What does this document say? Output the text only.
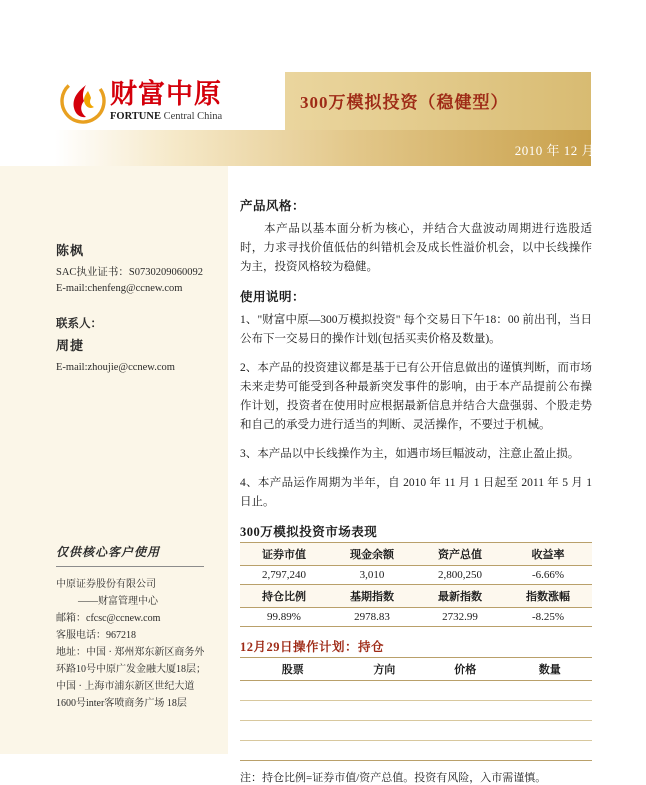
财富中原
FORTUNE Central China
300万模拟投资（稳健型）
2010 年 12 月 28 日
陈枫
SAC执业证书：S0730209060092
E-mail:chenfeng@ccnew.com
联系人：
周捷
E-mail:zhoujie@ccnew.com
仅供核心客户使用
中原证券股份有限公司
——财富管理中心
邮箱：cfcsc@ccnew.com
客服电话：967218
地址：中国 · 郑州郑东新区商务外
环路10号中原广发金融大厦18层；
中国 · 上海市浦东新区世纪大道
1600号inter客喷商务广场 18层
产品风格：
本产品以基本面分析为核心，并结合大盘波动周期进行选股适时，力求寻找价值低估的纠错机会及成长性溢价机会，以中长线操作为主，投资风格较为稳健。
使用说明：
1、"财富中原—300万模拟投资" 每个交易日下午18：00 前出刊，当日公布下一交易日的操作计划(包括买卖价格及数量)。
2、本产品的投资建议都是基于已有公开信息做出的谨慎判断，而市场未来走势可能受到各种最新突发事件的影响，由于本产品提前公布操作计划，投资者在使用时应根据最新信息并结合大盘强弱、个股走势和自己的承受力进行适当的判断、灵活操作，不要过于机械。
3、本产品以中长线操作为主，如遇市场巨幅波动，注意止盈止损。
4、本产品运作周期为半年，自 2010 年 11 月 1 日起至 2011 年 5 月 1 日止。
300万模拟投资市场表现
证券市值	现金余额	资产总值	收益率
2,797,240	3,010	2,800,250	-6.66%
持仓比例	基期指数	最新指数	指数涨幅
99.89%	2978.83	2732.99	-8.25%
12月29日操作计划：持仓
股票	方向	价格	数量

注：持仓比例=证券市值/资产总值。投资有风险，入市需谨慎。
